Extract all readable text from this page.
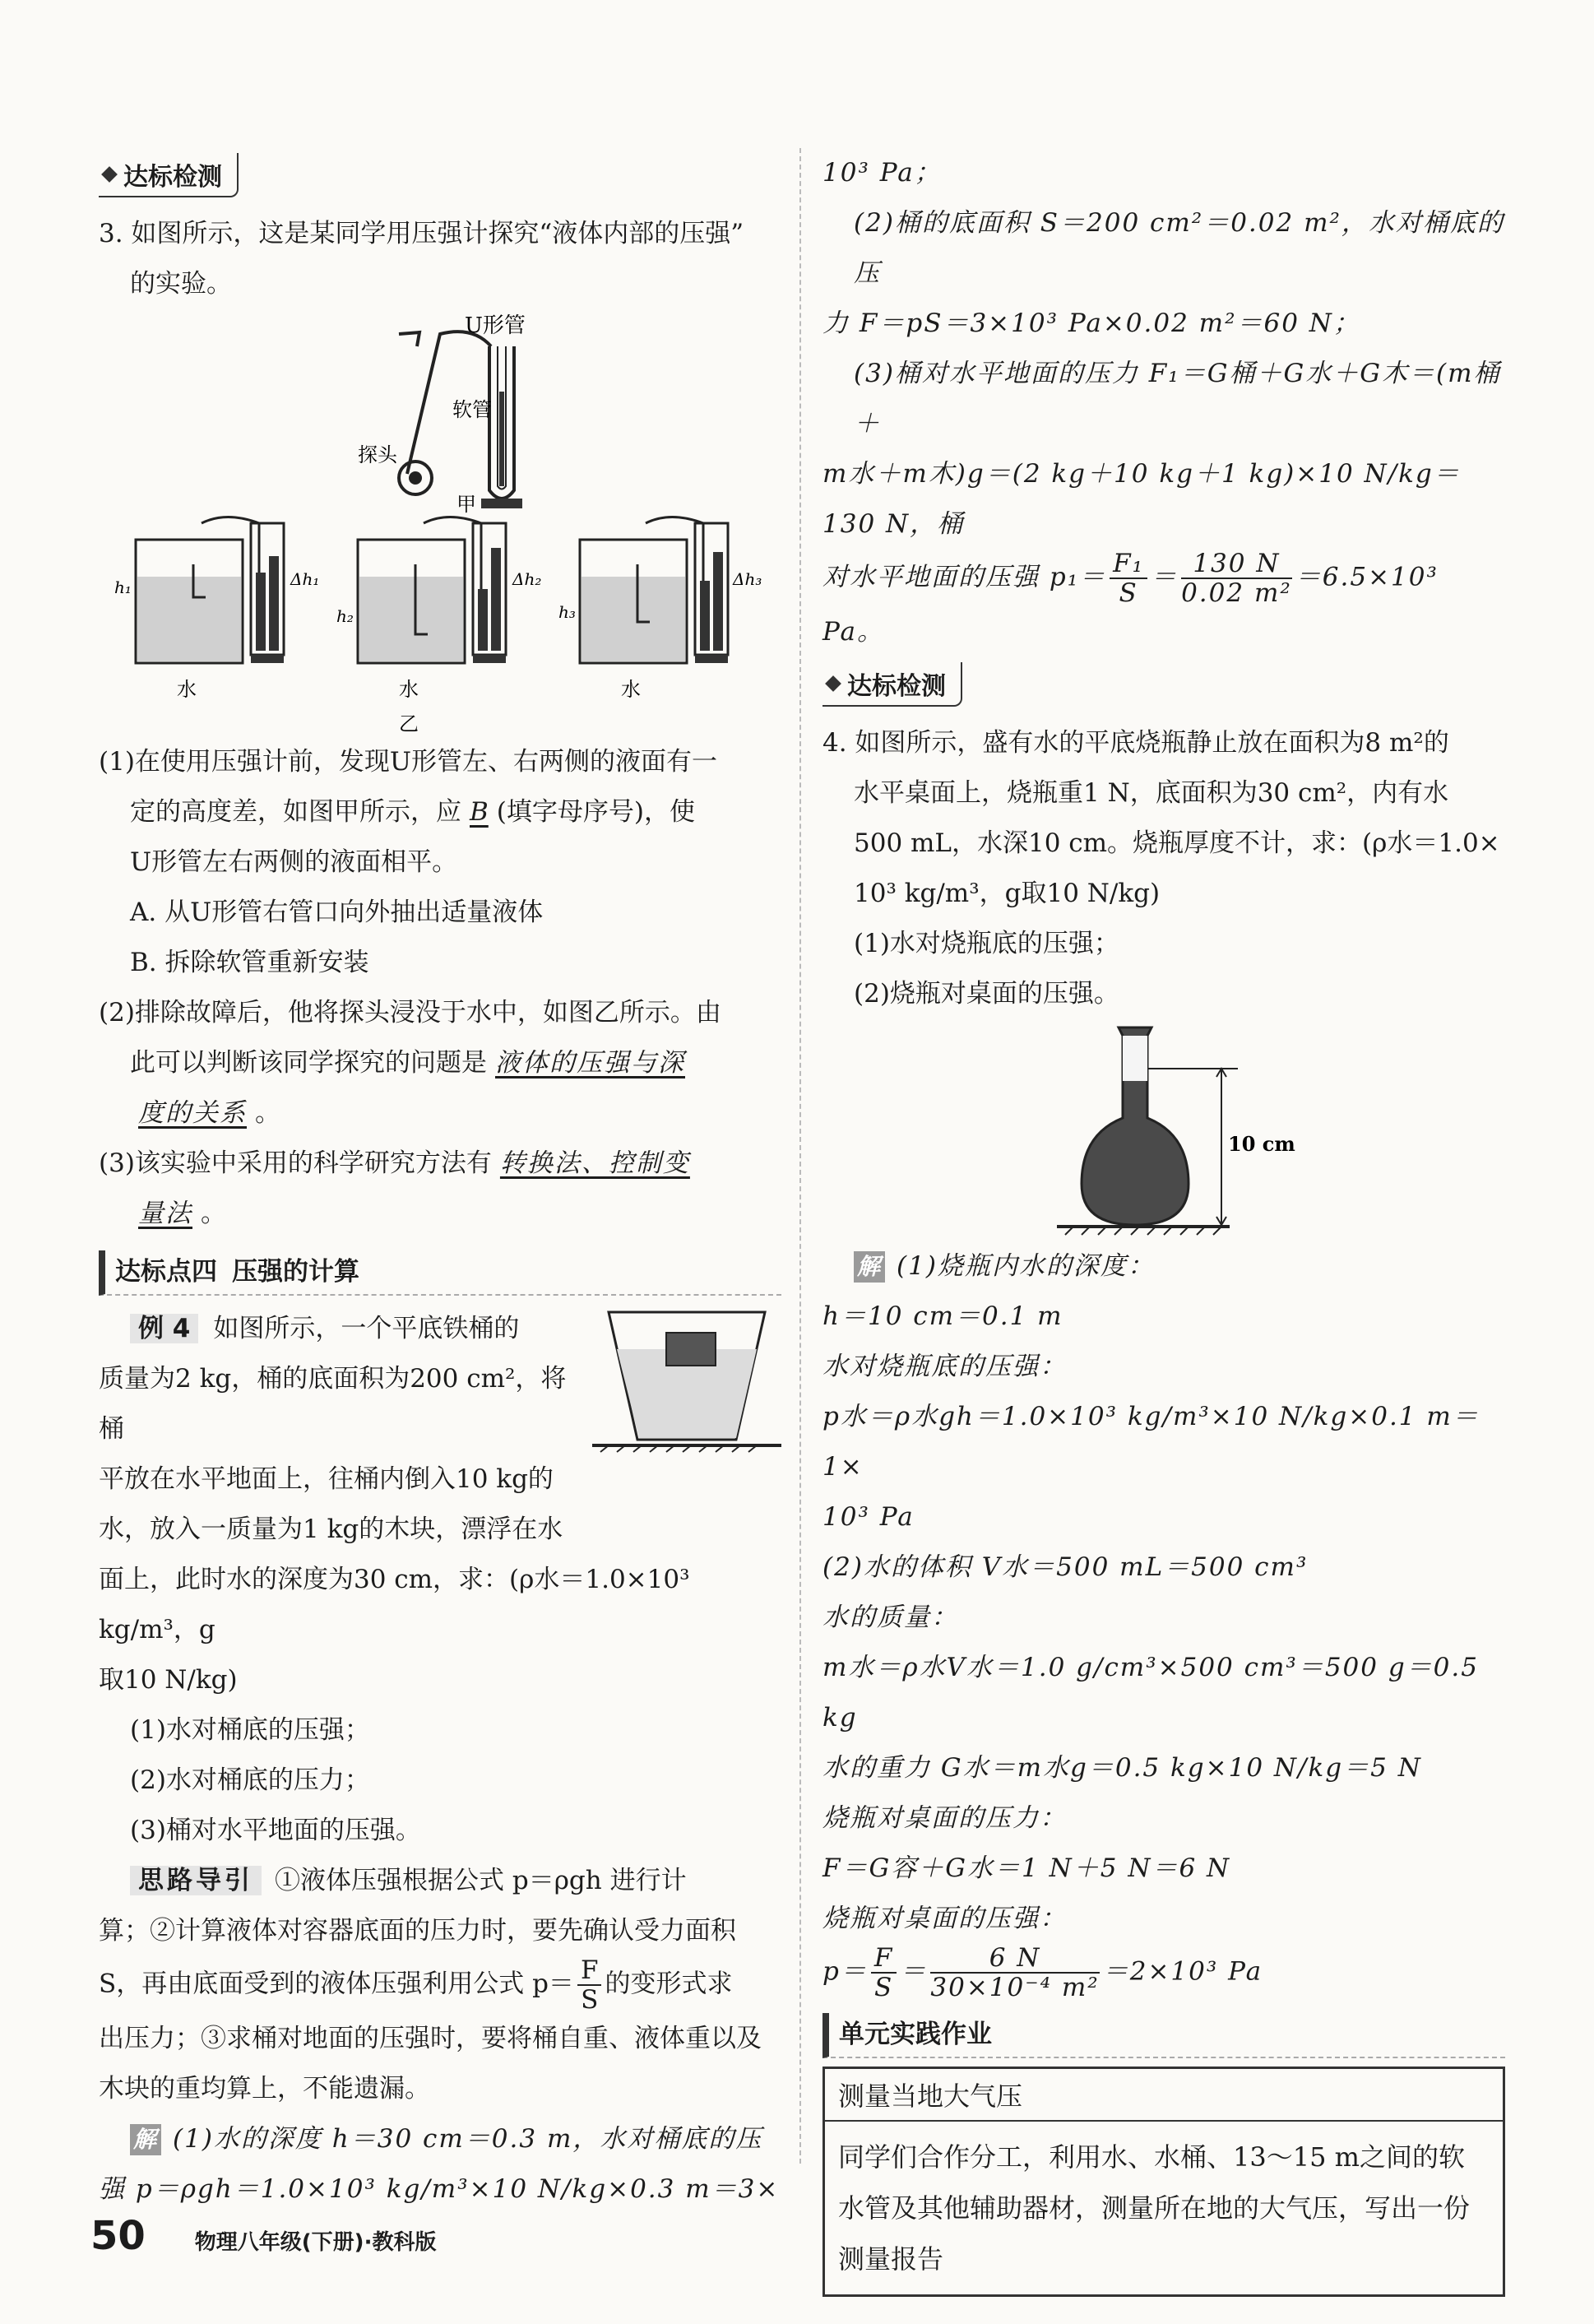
达标检测

3. 如图所示，这是某同学用压强计探究“液体内部的压强”

的实验。

U形管
软管
探头
甲
h₁	Δh₁
水
h₂
Δh₂
水
乙
h₃
Δh₃
水

(1)在使用压强计前，发现U形管左、右两侧的液面有一

定的高度差，如图甲所示，应 B (填字母序号)，使

U形管左右两侧的液面相平。

A. 从U形管右管口向外抽出适量液体

B. 拆除软管重新安装

(2)排除故障后，他将探头浸没于水中，如图乙所示。由

此可以判断该同学探究的问题是 液体的压强与深

度的关系 。

(3)该实验中采用的科学研究方法有 转换法、控制变

量法 。

达标点四 压强的计算

例 4 如图所示，一个平底铁桶的

质量为2 kg，桶的底面积为200 cm²，将桶

平放在水平地面上，往桶内倒入10 kg的

水，放入一质量为1 kg的木块，漂浮在水

面上，此时水的深度为30 cm，求：(ρ水＝1.0×10³ kg/m³，g

取10 N/kg)

(1)水对桶底的压强；

(2)水对桶底的压力；

(3)桶对水平地面的压强。

思路导引 ①液体压强根据公式 p＝ρgh 进行计

算；②计算液体对容器底面的压力时，要先确认受力面积

S，再由底面受到的液体压强利用公式 $p= \frac{F}{S}$ 的变形式求

出压力；③求桶对地面的压强时，要将桶自重、液体重以及

木块的重均算上，不能遗漏。

解 (1)水的深度 h＝30 cm＝0.3 m，水对桶底的压

强 p＝ρgh＝1.0×10³ kg/m³×10 N/kg×0.3 m＝3×

10³ Pa；

(2)桶的底面积 S＝200 cm²＝0.02 m²，水对桶底的压

力 F＝pS＝3×10³ Pa×0.02 m²＝60 N；

(3)桶对水平地面的压力 F₁＝G桶＋G水＋G木＝(m桶＋

m水＋m木)g＝(2 kg＋10 kg＋1 kg)×10 N/kg＝130 N，桶

对水平地面的压强 $p_1= \frac{\text{F₁}}{S} = \frac{130 N}{\text{0.02 m²}} =6.5\times 10^3$ Pa。

达标检测

4. 如图所示，盛有水的平底烧瓶静止放在面积为8 m²的

水平桌面上，烧瓶重1 N，底面积为30 cm²，内有水

500 mL，水深10 cm。烧瓶厚度不计，求：(ρ水＝1.0×

10³ kg/m³，g取10 N/kg)

(1)水对烧瓶底的压强；

(2)烧瓶对桌面的压强。

10 cm

解 (1)烧瓶内水的深度：

h＝10 cm＝0.1 m

水对烧瓶底的压强：

p水＝ρ水gh＝1.0×10³ kg/m³×10 N/kg×0.1 m＝1×

10³ Pa

(2)水的体积 V水＝500 mL＝500 cm³

水的质量：

m水＝ρ水V水＝1.0 g/cm³×500 cm³＝500 g＝0.5 kg

水的重力 G水＝m水g＝0.5 kg×10 N/kg＝5 N

烧瓶对桌面的压力：

F＝G容＋G水＝1 N＋5 N＝6 N

烧瓶对桌面的压强：

$p= \frac{F}{S} = \frac{6 N}{\text{30×10⁻⁴ m²}} =2\times 10^3$ Pa

单元实践作业
测量当地大气压
同学们合作分工，利用水、水桶、13～15 m之间的软水管及其他辅助器材，测量所在地的大气压，写出一份测量报告
50 物理八年级(下册)·教科版
